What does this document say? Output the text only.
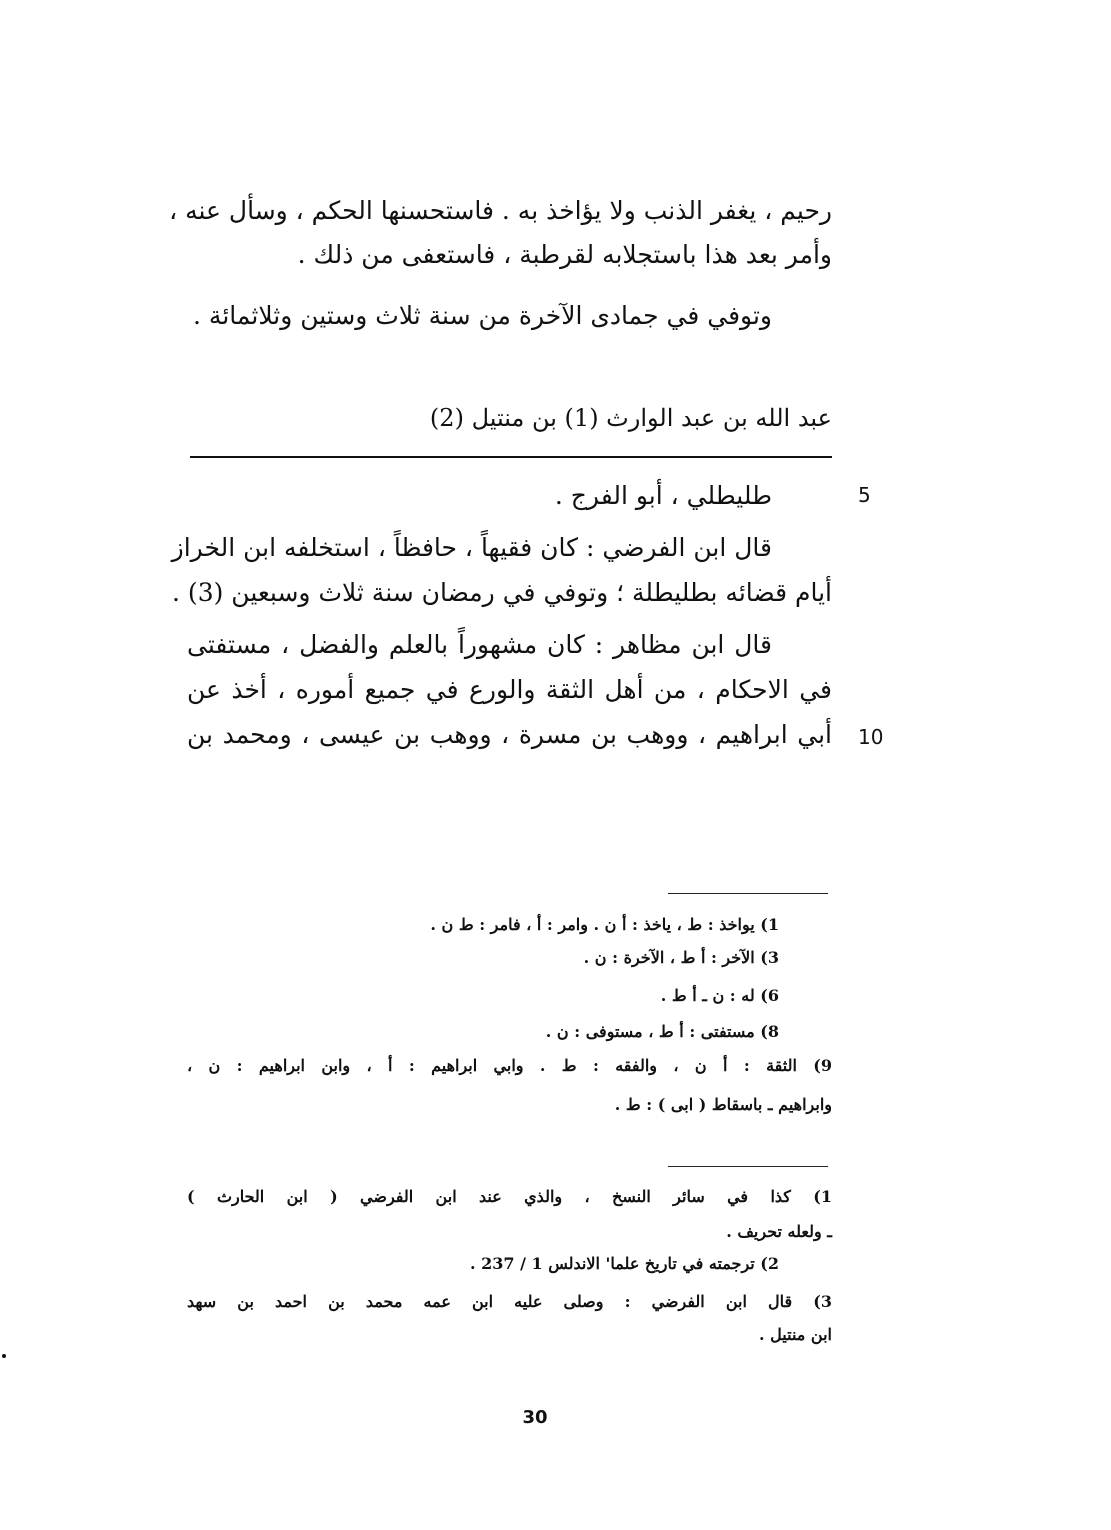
رحيم ، يغفر الذنب ولا يؤاخذ به . فاستحسنها الحكم ، وسأل عنه ،
وأمر بعد هذا باستجلابه لقرطبة ، فاستعفى من ذلك .
وتوفي في جمادى الآخرة من سنة ثلاث وستين وثلاثمائة .
عبد الله بن عبد الوارث (1) بن منتيل (2)
طليطلي ، أبو الفرج .	5
قال ابن الفرضي : كان فقيهاً ، حافظاً ، استخلفه ابن الخراز
أيام قضائه بطليطلة ؛ وتوفي في رمضان سنة ثلاث وسبعين (3) .
قال ابن مظاهر : كان مشهوراً بالعلم والفضل ، مستفتى
في الاحكام ، من أهل الثقة والورع في جميع أموره ، أخذ عن
أبي ابراهيم ، ووهب بن مسرة ، ووهب بن عيسى ، ومحمد بن 10
1) يواخذ : ط ، ياخذ : أ ن . وامر : أ ، فامر : ط ن .
3) الآخر : أ ط ، الآخرة : ن .
6) له : ن ـ أ ط .
8) مستفتى : أ ط ، مستوفى : ن .
9) الثقة : أ ن ، والفقه : ط . وابي ابراهيم : أ ، وابن ابراهيم : ن ،
وابراهيم ـ باسقاط ( ابى ) : ط .
1) كذا في سائر النسخ ، والذي عند ابن الفرضي ( ابن الحارث )
ـ ولعله تحريف .
2) ترجمته في تاريخ علما' الاندلس 1 / 237 .
3) قال ابن الفرضي : وصلى عليه ابن عمه محمد بن احمد بن سهد
ابن منتيل .
30
